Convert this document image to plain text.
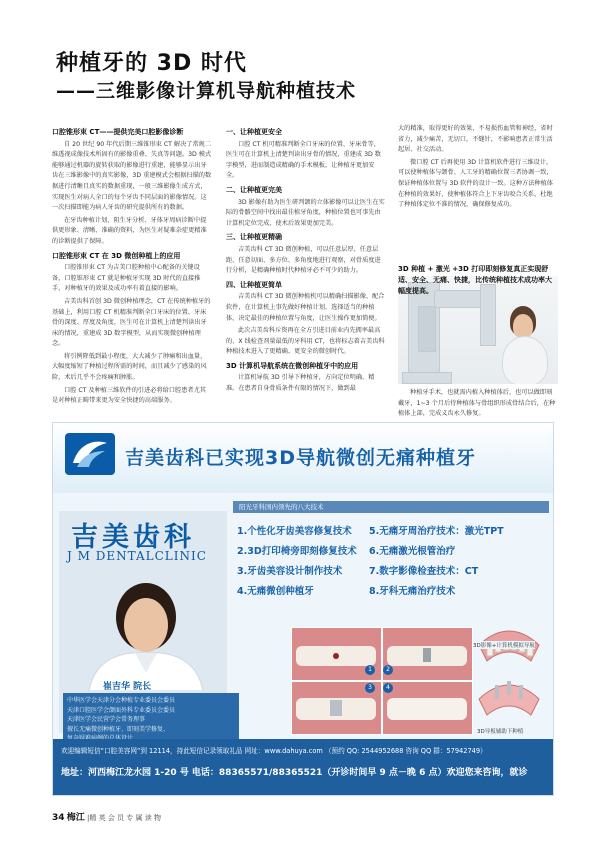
种植牙的 3D 时代
——三维影像计算机导航种植技术
口腔锥形束 CT——提供完美口腔影像诊断
自 20 世纪 90 年代后期三维锥形束 CT 解决了常规二维透视成像技术所固有的影像重叠、失真等问题。3D 模式能够通过机器的旋转获取的影像进行重建，能够显示出牙齿在三维影像中的真实影像，3D 重建模式会根据扫描的数据进行清晰且真实的数据重现，一般三维影像生成方式，实现医生对病人全口的每个牙齿不同层面的影像情况。这一次扫描即能为病人牙齿的研究提供所有的数据。
在牙齿种植计划、阻生牙分析、牙体牙周病诊断中提供更形象、清晰、准确的资料，为医生对疑难杂症更精准的诊断提供了保障。
口腔锥形束 CT 在 3D 微创种植上的应用
口腔锥形束 CT 为吉美口腔种植中心配备的关键设备，口腔锥形束 CT 就是种植牙实现 3D 时代的直接推手，对种植牙的效果及成功率有着直接的影响。
吉美齿科首创 3D 微创种植理念，CT 在传统种植牙的基础上，利用口腔 CT 机精准判断全口牙床的位置、牙床骨的深度、厚度及角度，医生可在计算机上清楚判读出牙床的情况，重建成 3D 数字模型，从而实现微创种植理念。
将引例降低到最小程度，大大减少了肿痛和出血量，大幅度缩短了种植过程所需的时间，而且减少了感染的风险，术后几乎不会疼痛和肿胀。
口腔 CT 及种植三维软件的引进必将给口腔患者尤其是对种植正畸带来更为安全快捷的高端服务。
一、让种植更安全
口腔 CT 机可精准判断全口牙床的位置、牙床骨等，医生可在计算机上清楚判读出牙骨的情况，重建成 3D 数字模型，进而制造成精确的手术模板，让种植牙更加安全。
二、让种植更完美
3D 影像有助为医生研判颌的立体影像可以让医生在实际的骨骼空间中找出最佳植牙角度，种植位置也可事先由计算机定位完成，使术后效果更加完美。
三、让种植更精确
吉美齿科 CT 3D 微创种植，可以任意层厚、任意层距、任意切面、多方位、多角度地进行观察，对骨质度进行分析，是精确种植时代种植牙必不可少的助力。
四、让种植更简单
吉美齿科 CT 3D 微创种植机可以精确扫描影像、配合软件，在计算机上事先做好种植计划，选择适当的种植体，决定最佳的种植位置与角度，让医生操作更加简便。
此次吉美齿科斥资再在全方引进目前业内先拥率最高的、X 线检查剂量最低的牙科用 CT，也将标志着吉美齿科种植技术进入了更精确、更安全的微创时代。
3D 计算机导航系统在微创种植牙中的应用
计算机导航 3D 引导下种植牙，方向定位明确、精准。在患者自身骨质条件有限的情况下，做到最
大的精准，取得更好的效果，不易损伤血管和神经，省时省力，减少痛苦，无切口，不缝针，不影响患者正常生活起居、社交活动。
微口腔 CT 后再使用 3D 计算机软件进行三维设计，可以使种植体与颌骨、人工牙的精确位置三者协调一致，保证种植体位置与 3D 软件的设计一致。这种方法种植体在种植的效果好，使种植体符合上下牙齿咬合关系，杜绝了种植体定位不准的情况，确保修复成功。
种植牙手术，也就需内植入种植体后，也可以做即刻戴牙，1~3 个月后待种植体与骨组织形成骨结合后，在种植体上部，完成义齿永久修复。
3D 种植 + 激光 +3D 打印即刻修复真正实现舒适、安全、无痛、快捷，比传统种植技术成功率大幅度提高。
吉美齿科已实现3D导航微创无痛种植牙
吉美齿科
J M DENTALCLINIC
崔吉华 院长
中华医学会天津分会种植专业委员会委员
天津口腔医学会颌面外科专业委员会委员
天津医学会民营学会常务理事
擅长无痛微创种植牙、即刻美学修复、
阳光牙科国内领先的八大技术
1.个性化牙齿美容修复技术
2.3D打印椅旁即刻修复技术
3.牙齿美容设计制作技术
4.无痛微创种植牙
5.无痛牙周治疗技术：激光TPT
6.无痛激光根管治疗
7.数字影像检查技术：CT
8.牙科无痛治疗技术
1	2
3	4
3D影像+计算机模拟导航
3D导板辅助下种植
欢迎编辑短信“口腔美容网”到 12114，持此短信记录领取礼品 网址：www.dahuya.com （预约 QQ: 2544952688 咨询 QQ 群：57942749）
地址：河西梅江龙水园 1-20 号 电话：88365571/88365521（开诊时间早 9 点－晚 6 点）欢迎您来咨询，就诊
34 梅江 |精 英 会 员 专 属 读 物
